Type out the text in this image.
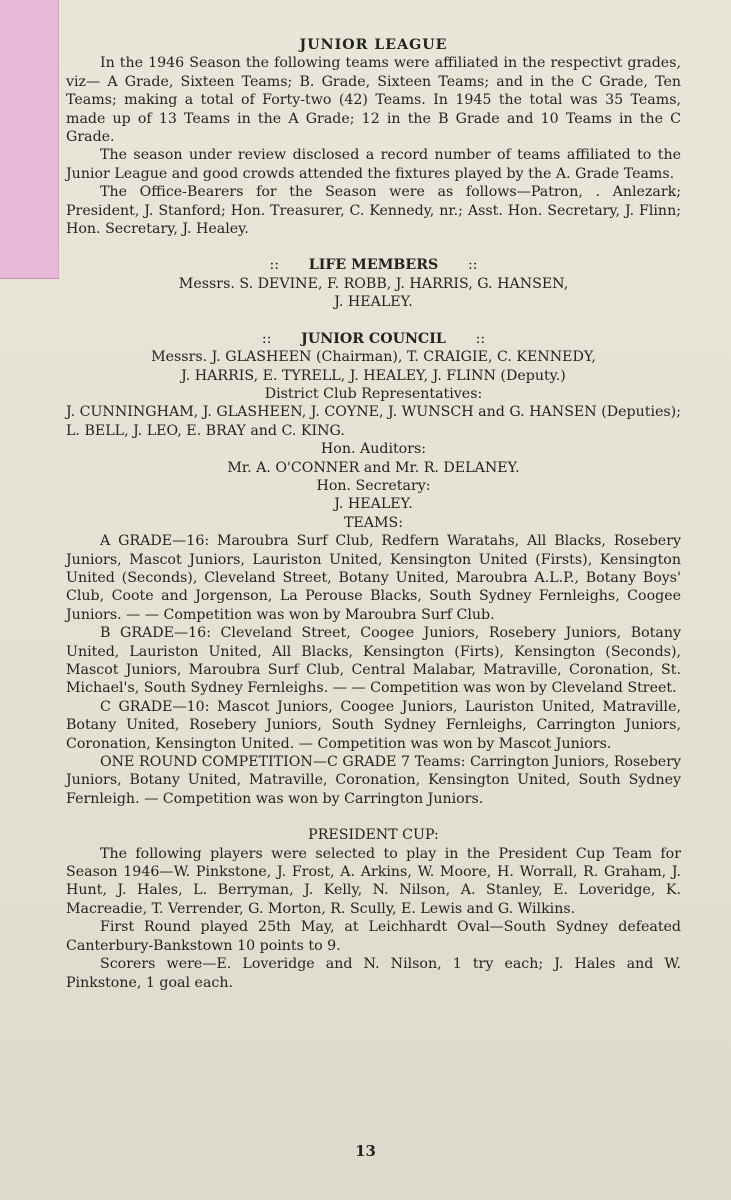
JUNIOR LEAGUE

In the 1946 Season the following teams were affiliated in the respectivt grades, viz— A Grade, Sixteen Teams; B. Grade, Sixteen Teams; and in the C Grade, Ten Teams; making a total of Forty-two (42) Teams. In 1945 the total was 35 Teams, made up of 13 Teams in the A Grade; 12 in the B Grade and 10 Teams in the C Grade.

The season under review disclosed a record number of teams affiliated to the Junior League and good crowds attended the fixtures played by the A. Grade Teams.

The Office-Bearers for the Season were as follows—Patron, . Anlezark; President, J. Stanford; Hon. Treasurer, C. Kennedy, nr.; Asst. Hon. Secretary, J. Flinn; Hon. Secretary, J. Healey.

:: LIFE MEMBERS ::
Messrs. S. DEVINE, F. ROBB, J. HARRIS, G. HANSEN,
J. HEALEY.
:: JUNIOR COUNCIL ::
Messrs. J. GLASHEEN (Chairman), T. CRAIGIE, C. KENNEDY,
J. HARRIS, E. TYRELL, J. HEALEY, J. FLINN (Deputy.)
District Club Representatives:

J. CUNNINGHAM, J. GLASHEEN, J. COYNE, J. WUNSCH and G. HANSEN (Deputies); L. BELL, J. LEO, E. BRAY and C. KING.

Hon. Auditors:
Mr. A. O'CONNER and Mr. R. DELANEY.
Hon. Secretary:
J. HEALEY.
TEAMS:

A GRADE—16: Maroubra Surf Club, Redfern Waratahs, All Blacks, Rosebery Juniors, Mascot Juniors, Lauriston United, Kensington United (Firsts), Kensington United (Seconds), Cleveland Street, Botany United, Maroubra A.L.P., Botany Boys' Club, Coote and Jorgenson, La Perouse Blacks, South Sydney Fernleighs, Coogee Juniors. — — Competition was won by Maroubra Surf Club.

B GRADE—16: Cleveland Street, Coogee Juniors, Rosebery Juniors, Botany United, Lauriston United, All Blacks, Kensington (Firts), Kensington (Seconds), Mascot Juniors, Maroubra Surf Club, Central Malabar, Matraville, Coronation, St. Michael's, South Sydney Fernleighs. — — Competition was won by Cleveland Street.

C GRADE—10: Mascot Juniors, Coogee Juniors, Lauriston United, Matraville, Botany United, Rosebery Juniors, South Sydney Fernleighs, Carrington Juniors, Coronation, Kensington United. — Competition was won by Mascot Juniors.

ONE ROUND COMPETITION—C GRADE 7 Teams: Carrington Juniors, Rosebery Juniors, Botany United, Matraville, Coronation, Kensington United, South Sydney Fernleigh. — Competition was won by Carrington Juniors.

PRESIDENT CUP:

The following players were selected to play in the President Cup Team for Season 1946—W. Pinkstone, J. Frost, A. Arkins, W. Moore, H. Worrall, R. Graham, J. Hunt, J. Hales, L. Berryman, J. Kelly, N. Nilson, A. Stanley, E. Loveridge, K. Macreadie, T. Verrender, G. Morton, R. Scully, E. Lewis and G. Wilkins.

First Round played 25th May, at Leichhardt Oval—South Sydney defeated Canterbury-Bankstown 10 points to 9.

Scorers were—E. Loveridge and N. Nilson, 1 try each; J. Hales and W. Pinkstone, 1 goal each.

13
